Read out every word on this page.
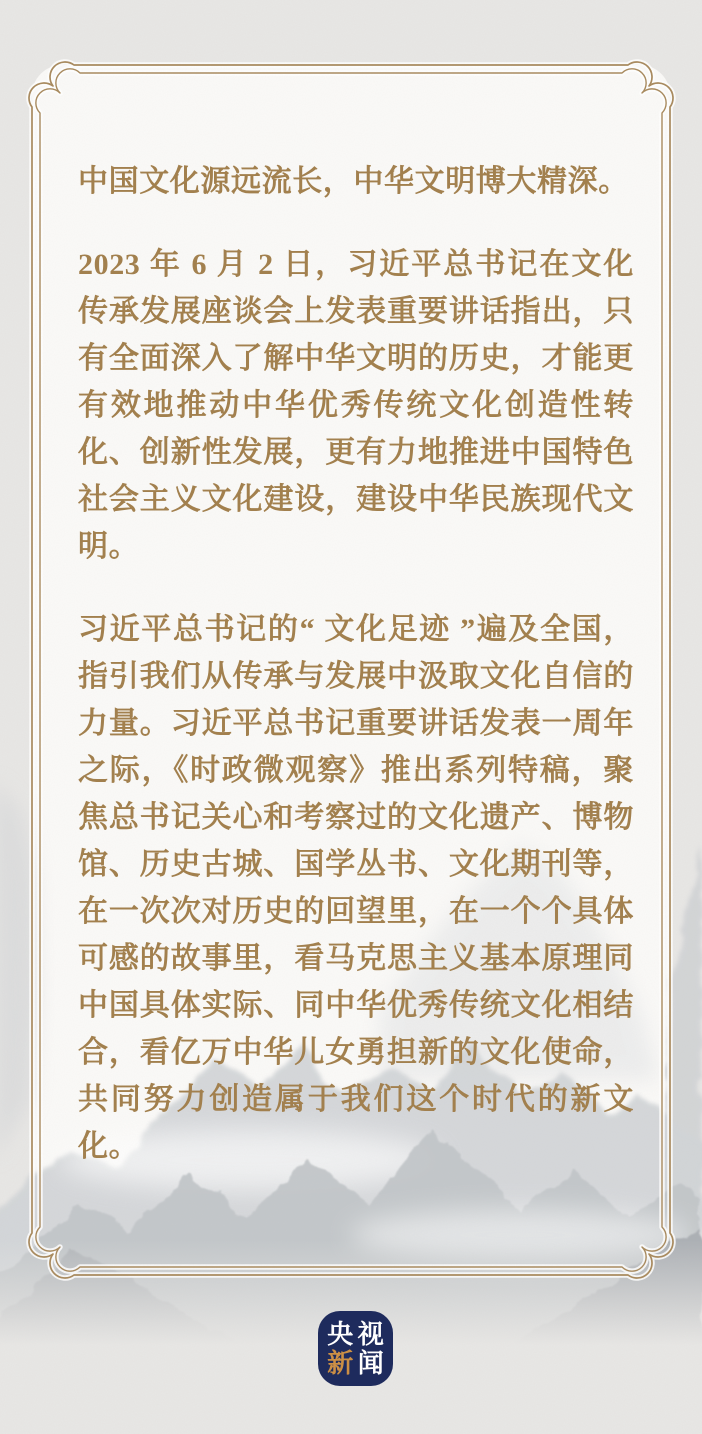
中国文化源远流长，中华文明博大精深。

2023 年 6 月 2 日，习近平总书记在文化传承发展座谈会上发表重要讲话指出，只有全面深入了解中华文明的历史，才能更有效地推动中华优秀传统文化创造性转化、创新性发展，更有力地推进中国特色社会主义文化建设，建设中华民族现代文明。

习近平总书记的“ 文化足迹 ”遍及全国，指引我们从传承与发展中汲取文化自信的力量。习近平总书记重要讲话发表一周年之际，《时政微观察》推出系列特稿，聚焦总书记关心和考察过的文化遗产、博物馆、历史古城、国学丛书、文化期刊等，在一次次对历史的回望里，在一个个具体可感的故事里，看马克思主义基本原理同中国具体实际、同中华优秀传统文化相结合，看亿万中华儿女勇担新的文化使命，共同努力创造属于我们这个时代的新文化。

央 视
新 闻
